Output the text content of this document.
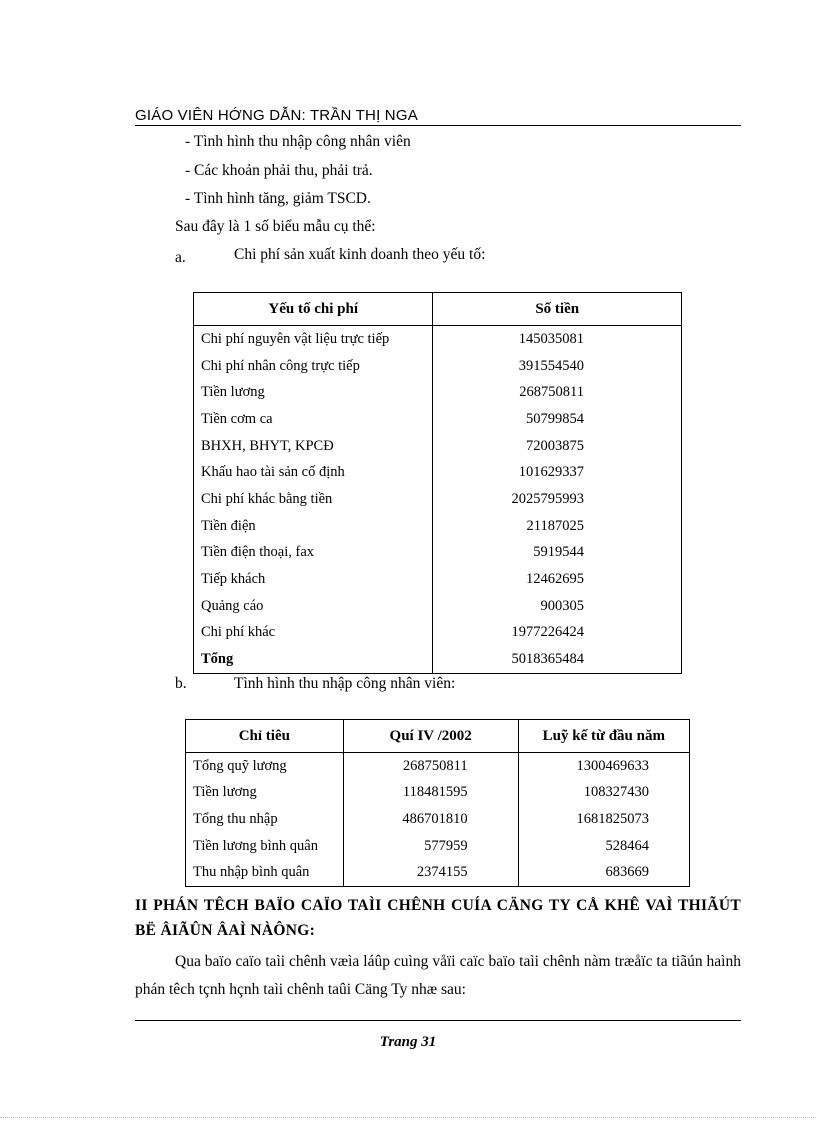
GIÁO VIÊN HỚNG DẪN: TRẦN THỊ NGA
- Tình hình thu nhập công nhân viên
- Các khoản phải thu, phải trả.
- Tình hình tăng, giảm TSCD.
Sau đây là 1 số biểu mẫu cụ thể:
a.	Chi phí sản xuất kinh doanh theo yếu tố:
Yếu tố chi phí	Số tiền
Chi phí nguyên vật liệu trực tiếp	145035081
Chi phí nhân công trực tiếp	391554540
Tiền lương	268750811
Tiền cơm ca	50799854
BHXH, BHYT, KPCĐ	72003875
Khấu hao tài sản cố định	101629337
Chi phí khác bằng tiền	2025795993
Tiền điện	21187025
Tiền điện thoại, fax	5919544
Tiếp khách	12462695
Quảng cáo	900305
Chi phí khác	1977226424
Tổng	5018365484
b.	Tình hình thu nhập công nhân viên:
Chỉ tiêu	Quí IV /2002	Luỹ kế từ đầu năm
Tổng quỹ lương	268750811	1300469633
Tiền lương	118481595	108327430
Tổng thu nhập	486701810	1681825073
Tiền lương bình quân	577959	528464
Thu nhập bình quân	2374155	683669
II PHÁN TÊCH BAÏO CAÏO TAÌI CHÊNH CUÍA CÄNG TY CÅ KHÊ VAÌ THIÃÚT BË ÂIÃÛN ÂAÌ NÀÔNG:
Qua baïo caïo taìi chênh væìa láûp cuìng våïi caïc baïo taìi chênh nàm træåïc ta tiãún haình phán têch tçnh hçnh taìi chênh taûi Cäng Ty nhæ sau:
Trang 31
